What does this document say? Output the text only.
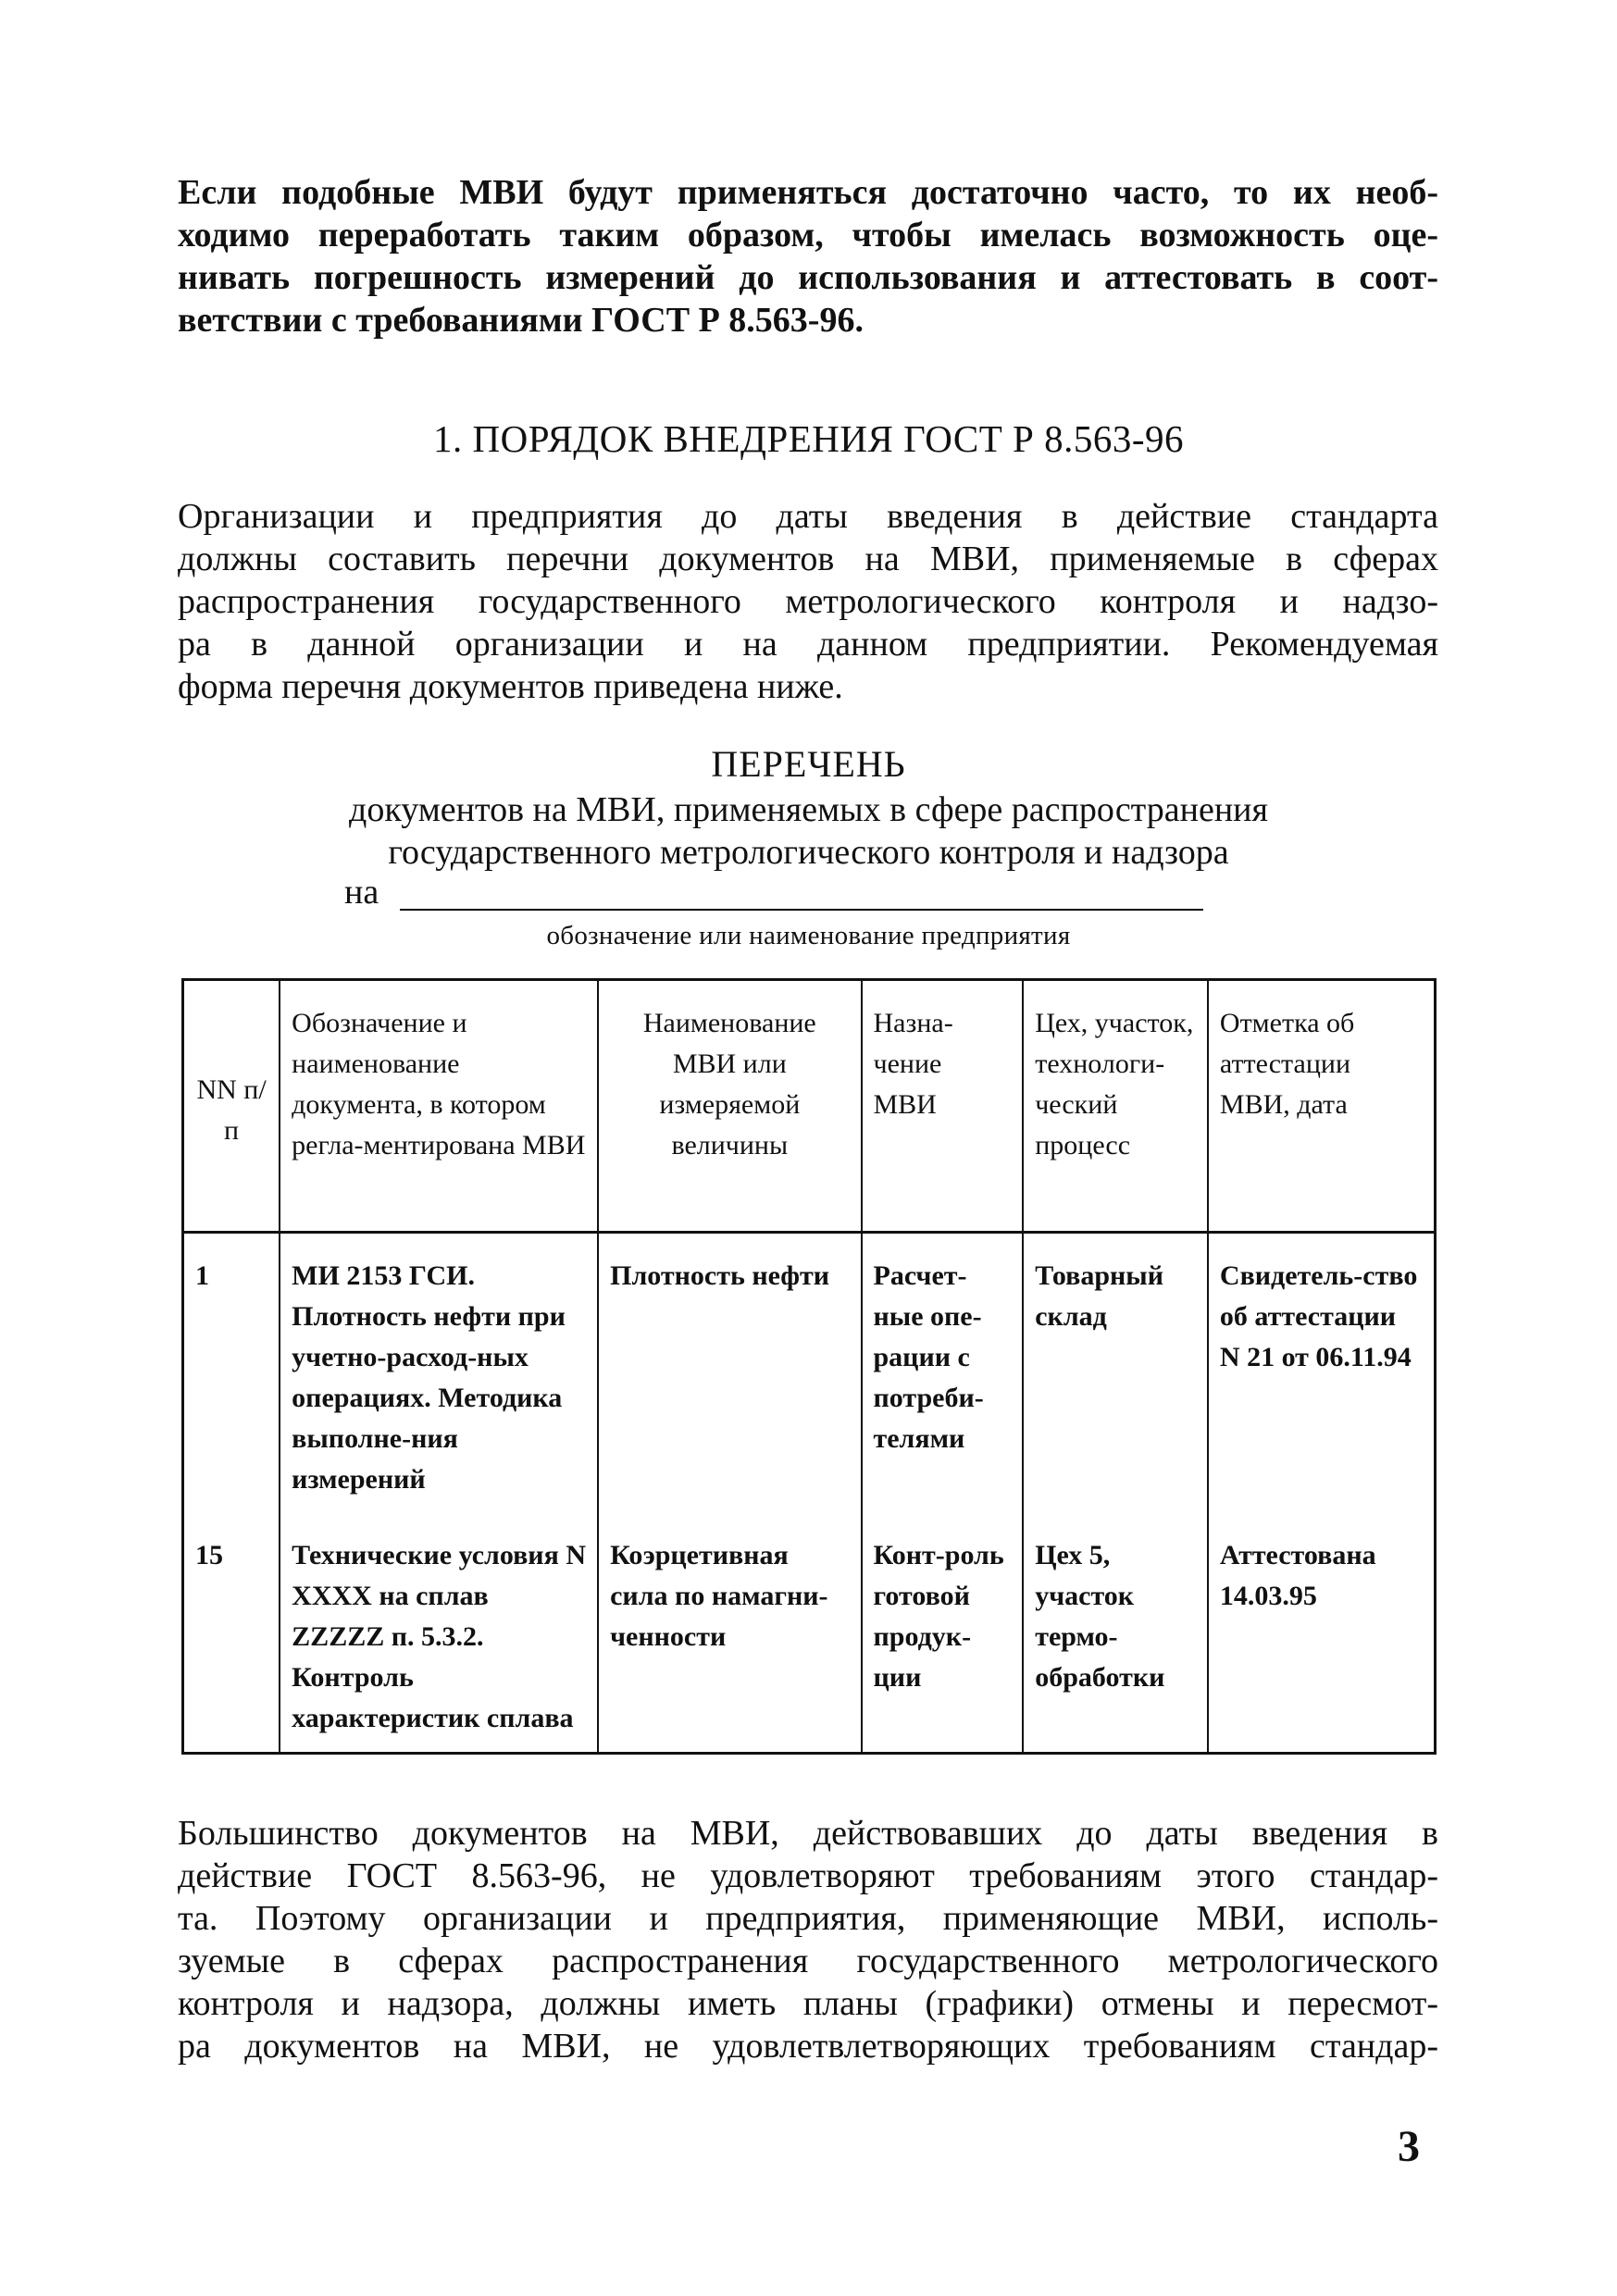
Если подобные МВИ будут применяться достаточно часто, то их необ-
ходимо переработать таким образом, чтобы имелась возможность оце-
нивать погрешность измерений до использования и аттестовать в соот-
ветствии с требованиями ГОСТ Р 8.563-96.
1. ПОРЯДОК ВНЕДРЕНИЯ ГОСТ Р 8.563-96
Организации и предприятия до даты введения в действие стандарта
должны составить перечни документов на МВИ, применяемые в сферах
распространения государственного метрологического контроля и надзо-
ра в данной организации и на данном предприятии. Рекомендуемая
форма перечня документов приведена ниже.
ПЕРЕЧЕНЬ
документов на МВИ, применяемых в сфере распространения
государственного метрологического контроля и надзора
на
обозначение или наименование предприятия
NN п/п	Обозначение и наименование документа, в котором регла-ментирована МВИ	Наименование МВИ или измеряемой величины	Назна-чение МВИ	Цех, участок, технологи-ческий процесс	Отметка об аттестации МВИ, дата
1	МИ 2153 ГСИ. Плотность нефти при учетно-расход-ных операциях. Методика выполне-ния измерений	Плотность нефти	Расчет-ные опе-рации с потреби-телями	Товарный склад	Свидетель-ство об аттестации N 21 от 06.11.94
15	Технические условия N XXXX на сплав ZZZZZ п. 5.3.2. Контроль характеристик сплава	Коэрцетивная сила по намагни-ченности	Конт-роль готовой продук-ции	Цех 5, участок термо-обработки	Аттестована 14.03.95
Большинство документов на МВИ, действовавших до даты введения в
действие ГОСТ 8.563-96, не удовлетворяют требованиям этого стандар-
та. Поэтому организации и предприятия, применяющие МВИ, исполь-
зуемые в сферах распространения государственного метрологического
контроля и надзора, должны иметь планы (графики) отмены и пересмот-
ра документов на МВИ, не удовлетвлетворяющих требованиям стандар-
3
